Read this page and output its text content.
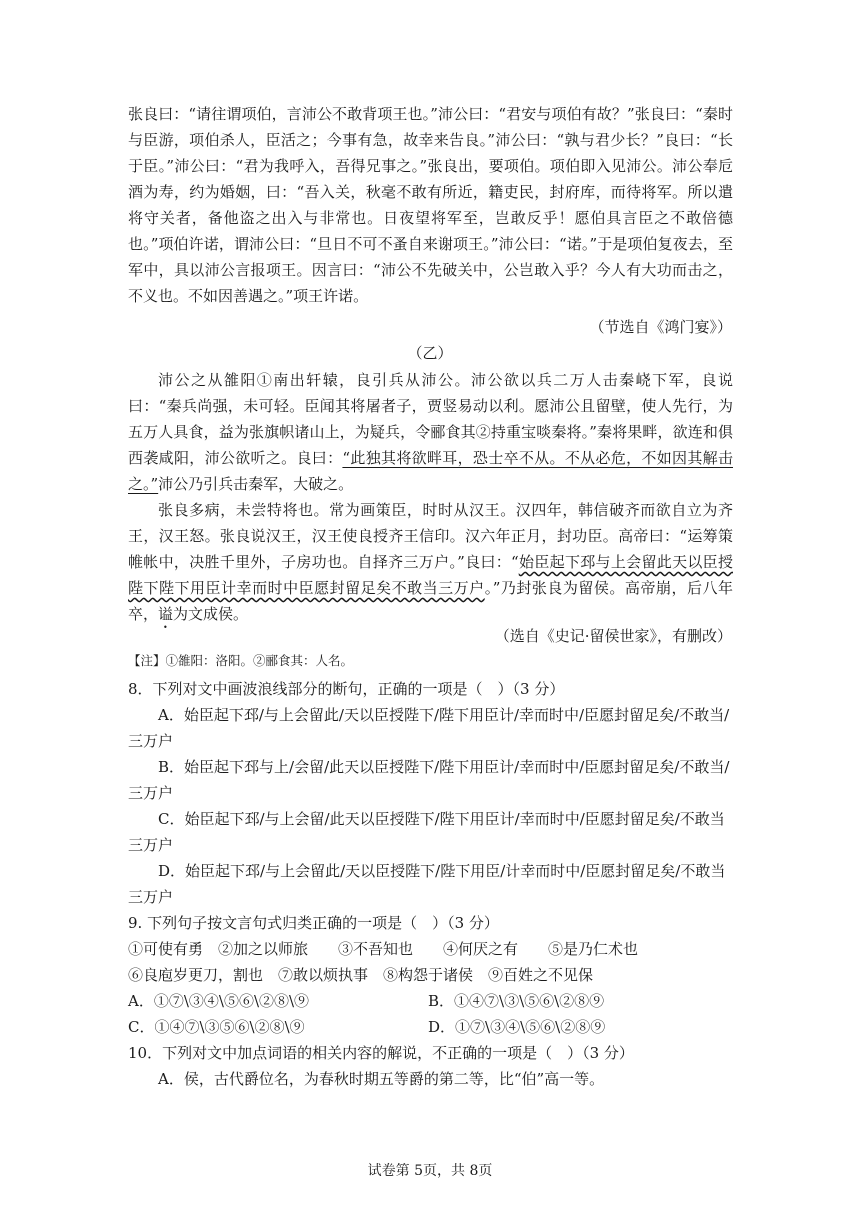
张良曰：“请往谓项伯，言沛公不敢背项王也。”沛公曰：“君安与项伯有故？”张良曰：“秦时与臣游，项伯杀人，臣活之；今事有急，故幸来告良。”沛公曰：“孰与君少长？”良曰：“长于臣。”沛公曰：“君为我呼入，吾得兄事之。”张良出，要项伯。项伯即入见沛公。沛公奉卮酒为寿，约为婚姻，曰：“吾入关，秋毫不敢有所近，籍吏民，封府库，而待将军。所以遣将守关者，备他盗之出入与非常也。日夜望将军至，岂敢反乎！愿伯具言臣之不敢倍德也。”项伯许诺，谓沛公曰：“旦日不可不蚤自来谢项王。”沛公曰：“诺。”于是项伯复夜去，至军中，具以沛公言报项王。因言曰：“沛公不先破关中，公岂敢入乎？今人有大功而击之，不义也。不如因善遇之。”项王许诺。

（节选自《鸿门宴》）
（乙）

沛公之从雒阳①南出轩辕，良引兵从沛公。沛公欲以兵二万人击秦峣下军，良说曰：“秦兵尚强，未可轻。臣闻其将屠者子，贾竖易动以利。愿沛公且留壁，使人先行，为五万人具食，益为张旗帜诸山上，为疑兵，令郦食其②持重宝啖秦将。”秦将果畔，欲连和俱西袭咸阳，沛公欲听之。良曰：“此独其将欲畔耳，恐士卒不从。不从必危，不如因其解击之。”沛公乃引兵击秦军，大破之。

张良多病，未尝特将也。常为画策臣，时时从汉王。汉四年，韩信破齐而欲自立为齐王，汉王怒。张良说汉王，汉王使良授齐王信印。汉六年正月，封功臣。高帝曰：“运筹策帷帐中，决胜千里外，子房功也。自择齐三万户。”良曰：“始臣起下邳与上会留此天以臣授陛下陛下用臣计幸而时中臣愿封留足矣不敢当三万户。”乃封张良为留侯。高帝崩，后八年卒，谥为文成侯。

（选自《史记·留侯世家》，有删改）
【注】①雒阳：洛阳。②郦食其：人名。

8．下列对文中画波浪线部分的断句，正确的一项是（　）（3 分）

A．始臣起下邳/与上会留此/天以臣授陛下/陛下用臣计/幸而时中/臣愿封留足矣/不敢当/三万户

B．始臣起下邳与上/会留/此天以臣授陛下/陛下用臣计/幸而时中/臣愿封留足矣/不敢当/三万户

C．始臣起下邳/与上会留/此天以臣授陛下/陛下用臣计/幸而时中/臣愿封留足矣/不敢当三万户

D．始臣起下邳/与上会留此/天以臣授陛下/陛下用臣/计幸而时中/臣愿封留足矣/不敢当三万户

9. 下列句子按文言句式归类正确的一项是（　）（3 分）

①可使有勇　②加之以师旅　　③不吾知也　　④何厌之有　　⑤是乃仁术也

⑥良庖岁更刀，割也　⑦敢以烦执事　⑧构怨于诸侯　⑨百姓之不见保

A．①⑦\③④\⑤⑥\②⑧\⑨	B．①④⑦\③\⑤⑥\②⑧⑨

C．①④⑦\③⑤⑥\②⑧\⑨	D．①⑦\③④\⑤⑥\②⑧⑨

10．下列对文中加点词语的相关内容的解说，不正确的一项是（　）（3 分）

A．侯，古代爵位名，为春秋时期五等爵的第二等，比“伯”高一等。

试卷第 5页，共 8页
